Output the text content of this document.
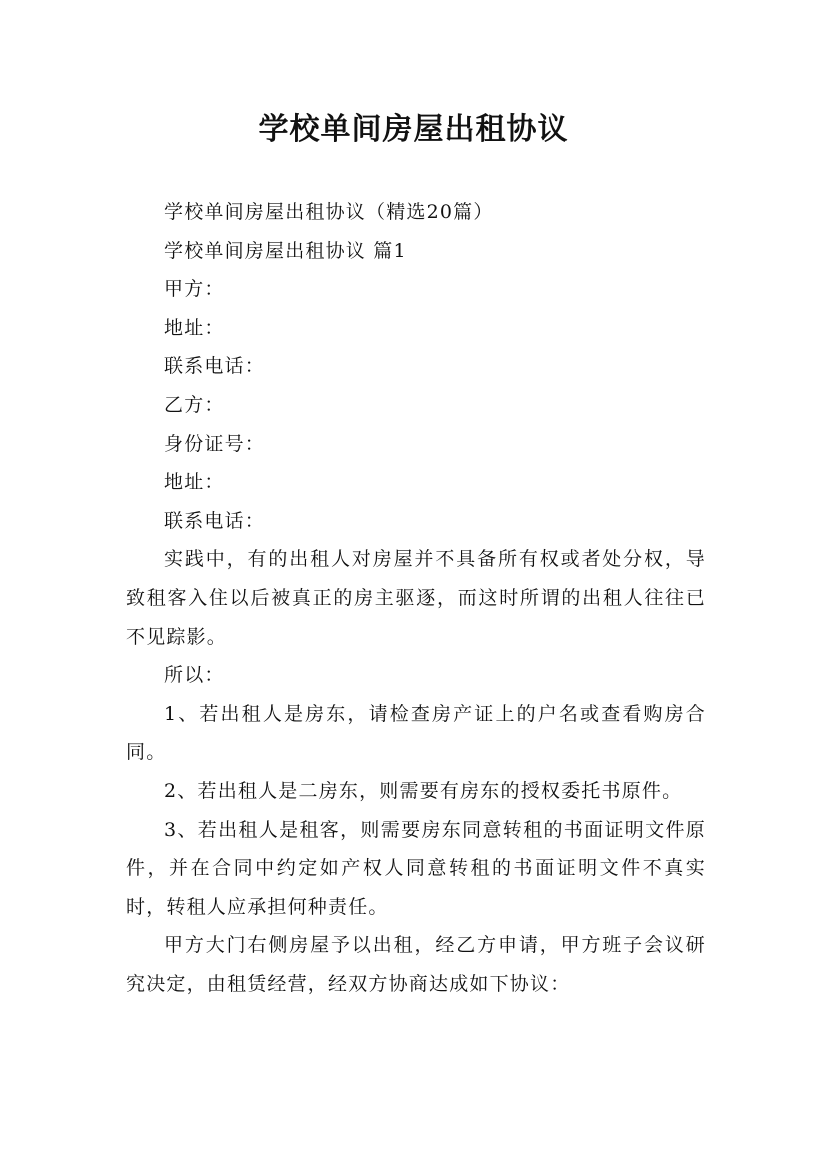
学校单间房屋出租协议

学校单间房屋出租协议（精选20篇）

学校单间房屋出租协议 篇1

甲方：

地址：

联系电话：

乙方：

身份证号：

地址：

联系电话：

实践中，有的出租人对房屋并不具备所有权或者处分权，导致租客入住以后被真正的房主驱逐，而这时所谓的出租人往往已不见踪影。

所以：

1、若出租人是房东，请检查房产证上的户名或查看购房合同。

2、若出租人是二房东，则需要有房东的授权委托书原件。

3、若出租人是租客，则需要房东同意转租的书面证明文件原件，并在合同中约定如产权人同意转租的书面证明文件不真实时，转租人应承担何种责任。

甲方大门右侧房屋予以出租，经乙方申请，甲方班子会议研究决定，由租赁经营，经双方协商达成如下协议：
